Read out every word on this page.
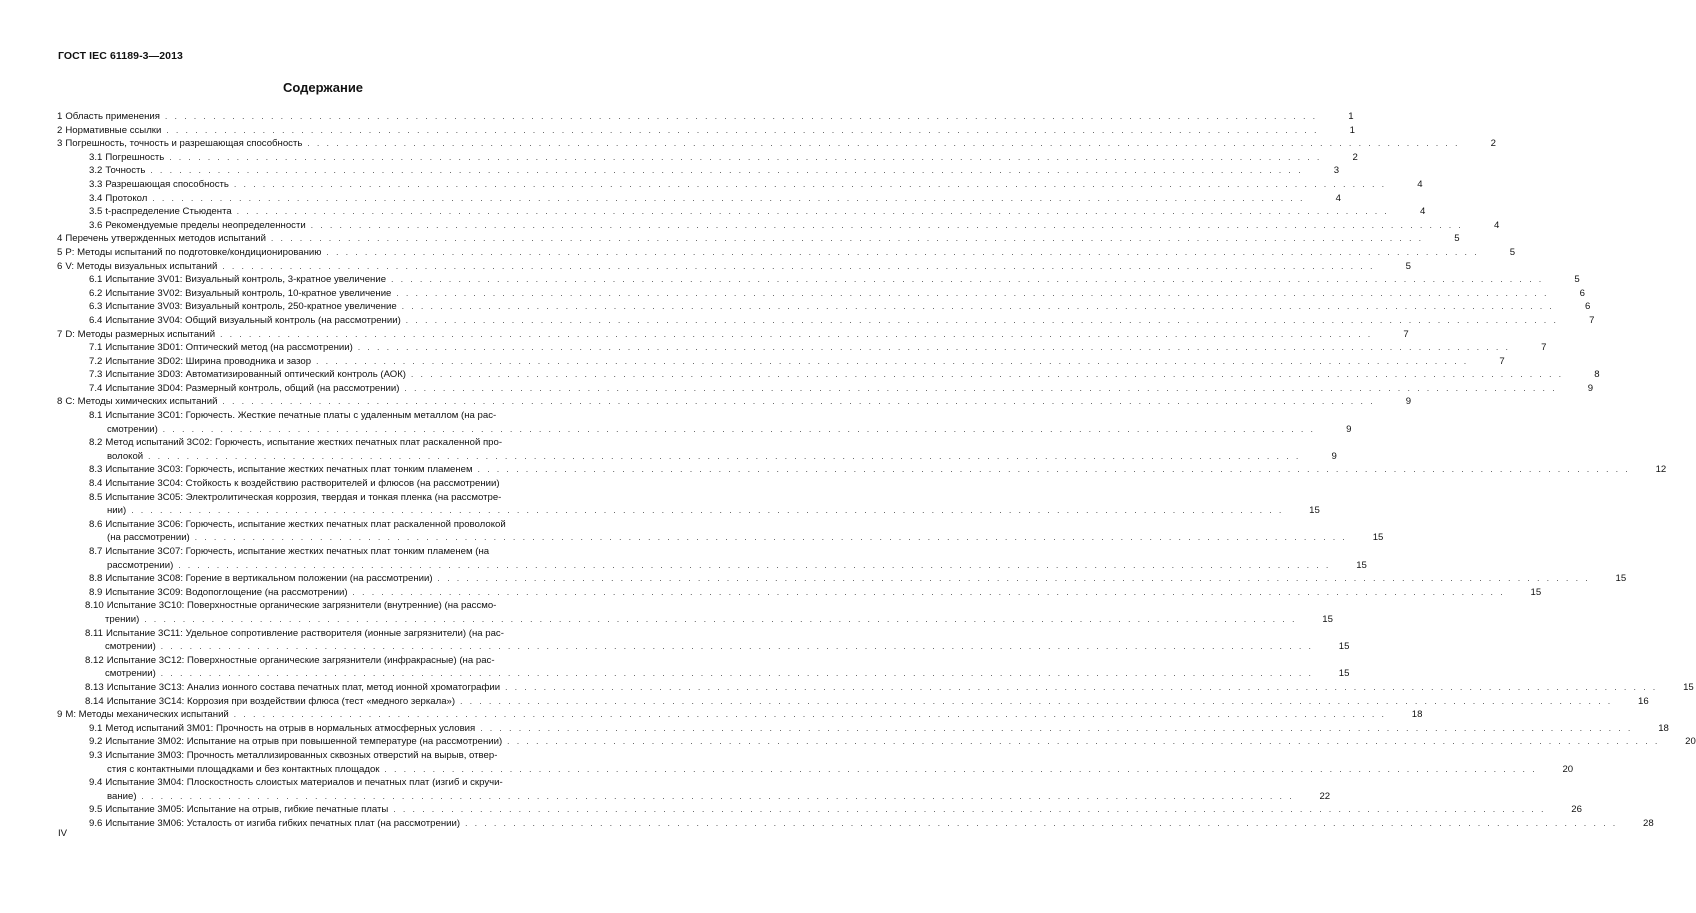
ГОСТ IEC 61189-3—2013
Содержание
1 Область применения . . . . . . . . . . . . . . . . . . . . . . . . . . . . . . . . . . . . . . . . . . . . . . . . . . . . . . . . . . . . . . . . . . . . . . . . . . . . . . . . . . . . . . . . . . . . . . . . . . . . . . . . . . . . . . . . . . . . . . . .	1
2 Нормативные ссылки . . . . . . . . . . . . . . . . . . . . . . . . . . . . . . . . . . . . . . . . . . . . . . . . . . . . . . . . . . . . . . . . . . . . . . . . . . . . . . . . . . . . . . . . . . . . . . . . . . . . . . . . . . . . . . . . . . . . . . . .	1
3 Погрешность, точность и разрешающая способность . . . . . . . . . . . . . . . . . . . . . . . . . . . . . . . . . . . . . . . . . . . . . . . . . . . . . . . . . . . . . . . . . . . . . . . . . . . . . . . . . . . . . . . . . . . . . . . . . . . . . . . . . . . . . . . . . . . . . . . .	2
3.1 Погрешность . . . . . . . . . . . . . . . . . . . . . . . . . . . . . . . . . . . . . . . . . . . . . . . . . . . . . . . . . . . . . . . . . . . . . . . . . . . . . . . . . . . . . . . . . . . . . . . . . . . . . . . . . . . . . . . . . . . . . . . .	2
3.2 Точность . . . . . . . . . . . . . . . . . . . . . . . . . . . . . . . . . . . . . . . . . . . . . . . . . . . . . . . . . . . . . . . . . . . . . . . . . . . . . . . . . . . . . . . . . . . . . . . . . . . . . . . . . . . . . . . . . . . . . . . .	3
3.3 Разрешающая способность . . . . . . . . . . . . . . . . . . . . . . . . . . . . . . . . . . . . . . . . . . . . . . . . . . . . . . . . . . . . . . . . . . . . . . . . . . . . . . . . . . . . . . . . . . . . . . . . . . . . . . . . . . . . . . . . . . . . . . . .	4
3.4 Протокол . . . . . . . . . . . . . . . . . . . . . . . . . . . . . . . . . . . . . . . . . . . . . . . . . . . . . . . . . . . . . . . . . . . . . . . . . . . . . . . . . . . . . . . . . . . . . . . . . . . . . . . . . . . . . . . . . . . . . . . .	4
3.5 t-распределение Стьюдента . . . . . . . . . . . . . . . . . . . . . . . . . . . . . . . . . . . . . . . . . . . . . . . . . . . . . . . . . . . . . . . . . . . . . . . . . . . . . . . . . . . . . . . . . . . . . . . . . . . . . . . . . . . . . . . . . . . . . . . .	4
3.6 Рекомендуемые пределы неопределенности . . . . . . . . . . . . . . . . . . . . . . . . . . . . . . . . . . . . . . . . . . . . . . . . . . . . . . . . . . . . . . . . . . . . . . . . . . . . . . . . . . . . . . . . . . . . . . . . . . . . . . . . . . . . . . . . . . . . . . . .	4
4 Перечень утвержденных методов испытаний . . . . . . . . . . . . . . . . . . . . . . . . . . . . . . . . . . . . . . . . . . . . . . . . . . . . . . . . . . . . . . . . . . . . . . . . . . . . . . . . . . . . . . . . . . . . . . . . . . . . . . . . . . . . . . . . . . . . . . . .	5
5 P: Методы испытаний по подготовке/кондиционированию . . . . . . . . . . . . . . . . . . . . . . . . . . . . . . . . . . . . . . . . . . . . . . . . . . . . . . . . . . . . . . . . . . . . . . . . . . . . . . . . . . . . . . . . . . . . . . . . . . . . . . . . . . . . . . . . . . . . . . . .	5
6 V: Методы визуальных испытаний . . . . . . . . . . . . . . . . . . . . . . . . . . . . . . . . . . . . . . . . . . . . . . . . . . . . . . . . . . . . . . . . . . . . . . . . . . . . . . . . . . . . . . . . . . . . . . . . . . . . . . . . . . . . . . . . . . . . . . . .	5
6.1 Испытание 3V01: Визуальный контроль, 3-кратное увеличение . . . . . . . . . . . . . . . . . . . . . . . . . . . . . . . . . . . . . . . . . . . . . . . . . . . . . . . . . . . . . . . . . . . . . . . . . . . . . . . . . . . . . . . . . . . . . . . . . . . . . . . . . . . . . . . . . . . . . . . .	5
6.2 Испытание 3V02: Визуальный контроль, 10-кратное увеличение . . . . . . . . . . . . . . . . . . . . . . . . . . . . . . . . . . . . . . . . . . . . . . . . . . . . . . . . . . . . . . . . . . . . . . . . . . . . . . . . . . . . . . . . . . . . . . . . . . . . . . . . . . . . . . . . . . . . . . . .	6
6.3 Испытание 3V03: Визуальный контроль, 250-кратное увеличение . . . . . . . . . . . . . . . . . . . . . . . . . . . . . . . . . . . . . . . . . . . . . . . . . . . . . . . . . . . . . . . . . . . . . . . . . . . . . . . . . . . . . . . . . . . . . . . . . . . . . . . . . . . . . . . . . . . . . . . .	6
6.4 Испытание 3V04: Общий визуальный контроль (на рассмотрении) . . . . . . . . . . . . . . . . . . . . . . . . . . . . . . . . . . . . . . . . . . . . . . . . . . . . . . . . . . . . . . . . . . . . . . . . . . . . . . . . . . . . . . . . . . . . . . . . . . . . . . . . . . . . . . . . . . . . . . . .	7
7 D: Методы размерных испытаний . . . . . . . . . . . . . . . . . . . . . . . . . . . . . . . . . . . . . . . . . . . . . . . . . . . . . . . . . . . . . . . . . . . . . . . . . . . . . . . . . . . . . . . . . . . . . . . . . . . . . . . . . . . . . . . . . . . . . . . .	7
7.1 Испытание 3D01: Оптический метод (на рассмотрении) . . . . . . . . . . . . . . . . . . . . . . . . . . . . . . . . . . . . . . . . . . . . . . . . . . . . . . . . . . . . . . . . . . . . . . . . . . . . . . . . . . . . . . . . . . . . . . . . . . . . . . . . . . . . . . . . . . . . . . . .	7
7.2 Испытание 3D02: Ширина проводника и зазор . . . . . . . . . . . . . . . . . . . . . . . . . . . . . . . . . . . . . . . . . . . . . . . . . . . . . . . . . . . . . . . . . . . . . . . . . . . . . . . . . . . . . . . . . . . . . . . . . . . . . . . . . . . . . . . . . . . . . . . .	7
7.3 Испытание 3D03: Автоматизированный оптический контроль (АОК) . . . . . . . . . . . . . . . . . . . . . . . . . . . . . . . . . . . . . . . . . . . . . . . . . . . . . . . . . . . . . . . . . . . . . . . . . . . . . . . . . . . . . . . . . . . . . . . . . . . . . . . . . . . . . . . . . . . . . . . .	8
7.4 Испытание 3D04: Размерный контроль, общий (на рассмотрении) . . . . . . . . . . . . . . . . . . . . . . . . . . . . . . . . . . . . . . . . . . . . . . . . . . . . . . . . . . . . . . . . . . . . . . . . . . . . . . . . . . . . . . . . . . . . . . . . . . . . . . . . . . . . . . . . . . . . . . . .	9
8 C: Методы химических испытаний . . . . . . . . . . . . . . . . . . . . . . . . . . . . . . . . . . . . . . . . . . . . . . . . . . . . . . . . . . . . . . . . . . . . . . . . . . . . . . . . . . . . . . . . . . . . . . . . . . . . . . . . . . . . . . . . . . . . . . . .	9
8.1 Испытание 3C01: Горючесть. Жесткие печатные платы с удаленным металлом (на рас-
смотрении) . . . . . . . . . . . . . . . . . . . . . . . . . . . . . . . . . . . . . . . . . . . . . . . . . . . . . . . . . . . . . . . . . . . . . . . . . . . . . . . . . . . . . . . . . . . . . . . . . . . . . . . . . . . . . . . . . . . . . . . .	9
8.2 Метод испытаний 3C02: Горючесть, испытание жестких печатных плат раскаленной про-
волокой . . . . . . . . . . . . . . . . . . . . . . . . . . . . . . . . . . . . . . . . . . . . . . . . . . . . . . . . . . . . . . . . . . . . . . . . . . . . . . . . . . . . . . . . . . . . . . . . . . . . . . . . . . . . . . . . . . . . . . . .	9
8.3 Испытание 3C03: Горючесть, испытание жестких печатных плат тонким пламенем . . . . . . . . . . . . . . . . . . . . . . . . . . . . . . . . . . . . . . . . . . . . . . . . . . . . . . . . . . . . . . . . . . . . . . . . . . . . . . . . . . . . . . . . . . . . . . . . . . . . . . . . . . . . . . . . . . . . . . . .	12
8.4 Испытание 3C04: Стойкость к воздействию растворителей и флюсов (на рассмотрении)
8.5 Испытание 3C05: Электролитическая коррозия, твердая и тонкая пленка (на рассмотре-
нии) . . . . . . . . . . . . . . . . . . . . . . . . . . . . . . . . . . . . . . . . . . . . . . . . . . . . . . . . . . . . . . . . . . . . . . . . . . . . . . . . . . . . . . . . . . . . . . . . . . . . . . . . . . . . . . . . . . . . . . . .	15
8.6 Испытание 3C06: Горючесть, испытание жестких печатных плат раскаленной проволокой
(на рассмотрении) . . . . . . . . . . . . . . . . . . . . . . . . . . . . . . . . . . . . . . . . . . . . . . . . . . . . . . . . . . . . . . . . . . . . . . . . . . . . . . . . . . . . . . . . . . . . . . . . . . . . . . . . . . . . . . . . . . . . . . . .	15
8.7 Испытание 3C07: Горючесть, испытание жестких печатных плат тонким пламенем (на
рассмотрении) . . . . . . . . . . . . . . . . . . . . . . . . . . . . . . . . . . . . . . . . . . . . . . . . . . . . . . . . . . . . . . . . . . . . . . . . . . . . . . . . . . . . . . . . . . . . . . . . . . . . . . . . . . . . . . . . . . . . . . . .	15
8.8 Испытание 3C08: Горение в вертикальном положении (на рассмотрении) . . . . . . . . . . . . . . . . . . . . . . . . . . . . . . . . . . . . . . . . . . . . . . . . . . . . . . . . . . . . . . . . . . . . . . . . . . . . . . . . . . . . . . . . . . . . . . . . . . . . . . . . . . . . . . . . . . . . . . . .	15
8.9 Испытание 3C09: Водопоглощение (на рассмотрении) . . . . . . . . . . . . . . . . . . . . . . . . . . . . . . . . . . . . . . . . . . . . . . . . . . . . . . . . . . . . . . . . . . . . . . . . . . . . . . . . . . . . . . . . . . . . . . . . . . . . . . . . . . . . . . . . . . . . . . . .	15
8.10 Испытание 3C10: Поверхностные органические загрязнители (внутренние) (на рассмо-
трении) . . . . . . . . . . . . . . . . . . . . . . . . . . . . . . . . . . . . . . . . . . . . . . . . . . . . . . . . . . . . . . . . . . . . . . . . . . . . . . . . . . . . . . . . . . . . . . . . . . . . . . . . . . . . . . . . . . . . . . . .	15
8.11 Испытание 3C11: Удельное сопротивление растворителя (ионные загрязнители) (на рас-
смотрении) . . . . . . . . . . . . . . . . . . . . . . . . . . . . . . . . . . . . . . . . . . . . . . . . . . . . . . . . . . . . . . . . . . . . . . . . . . . . . . . . . . . . . . . . . . . . . . . . . . . . . . . . . . . . . . . . . . . . . . . .	15
8.12 Испытание 3C12: Поверхностные органические загрязнители (инфракрасные) (на рас-
смотрении) . . . . . . . . . . . . . . . . . . . . . . . . . . . . . . . . . . . . . . . . . . . . . . . . . . . . . . . . . . . . . . . . . . . . . . . . . . . . . . . . . . . . . . . . . . . . . . . . . . . . . . . . . . . . . . . . . . . . . . . .	15
8.13 Испытание 3C13: Анализ ионного состава печатных плат, метод ионной хроматографии . . . . . . . . . . . . . . . . . . . . . . . . . . . . . . . . . . . . . . . . . . . . . . . . . . . . . . . . . . . . . . . . . . . . . . . . . . . . . . . . . . . . . . . . . . . . . . . . . . . . . . . . . . . . . . . . . . . . . . . .	15
8.14 Испытание 3C14: Коррозия при воздействии флюса (тест «медного зеркала») . . . . . . . . . . . . . . . . . . . . . . . . . . . . . . . . . . . . . . . . . . . . . . . . . . . . . . . . . . . . . . . . . . . . . . . . . . . . . . . . . . . . . . . . . . . . . . . . . . . . . . . . . . . . . . . . . . . . . . . .	16
9 M: Методы механических испытаний . . . . . . . . . . . . . . . . . . . . . . . . . . . . . . . . . . . . . . . . . . . . . . . . . . . . . . . . . . . . . . . . . . . . . . . . . . . . . . . . . . . . . . . . . . . . . . . . . . . . . . . . . . . . . . . . . . . . . . . .	18
9.1 Метод испытаний 3M01: Прочность на отрыв в нормальных атмосферных условия . . . . . . . . . . . . . . . . . . . . . . . . . . . . . . . . . . . . . . . . . . . . . . . . . . . . . . . . . . . . . . . . . . . . . . . . . . . . . . . . . . . . . . . . . . . . . . . . . . . . . . . . . . . . . . . . . . . . . . . .	18
9.2 Испытание 3M02: Испытание на отрыв при повышенной температуре (на рассмотрении) . . . . . . . . . . . . . . . . . . . . . . . . . . . . . . . . . . . . . . . . . . . . . . . . . . . . . . . . . . . . . . . . . . . . . . . . . . . . . . . . . . . . . . . . . . . . . . . . . . . . . . . . . . . . . . . . . . . . . . . .	20
9.3 Испытание 3M03: Прочность металлизированных сквозных отверстий на вырыв, отвер-
стия с контактными площадками и без контактных площадок . . . . . . . . . . . . . . . . . . . . . . . . . . . . . . . . . . . . . . . . . . . . . . . . . . . . . . . . . . . . . . . . . . . . . . . . . . . . . . . . . . . . . . . . . . . . . . . . . . . . . . . . . . . . . . . . . . . . . . . .	20
9.4 Испытание 3M04: Плоскостность слоистых материалов и печатных плат (изгиб и скручи-
вание) . . . . . . . . . . . . . . . . . . . . . . . . . . . . . . . . . . . . . . . . . . . . . . . . . . . . . . . . . . . . . . . . . . . . . . . . . . . . . . . . . . . . . . . . . . . . . . . . . . . . . . . . . . . . . . . . . . . . . . . .	22
9.5 Испытание 3M05: Испытание на отрыв, гибкие печатные платы . . . . . . . . . . . . . . . . . . . . . . . . . . . . . . . . . . . . . . . . . . . . . . . . . . . . . . . . . . . . . . . . . . . . . . . . . . . . . . . . . . . . . . . . . . . . . . . . . . . . . . . . . . . . . . . . . . . . . . . .	26
9.6 Испытание 3M06: Усталость от изгиба гибких печатных плат (на рассмотрении) . . . . . . . . . . . . . . . . . . . . . . . . . . . . . . . . . . . . . . . . . . . . . . . . . . . . . . . . . . . . . . . . . . . . . . . . . . . . . . . . . . . . . . . . . . . . . . . . . . . . . . . . . . . . . . . . . . . . . . . .	28
IV
